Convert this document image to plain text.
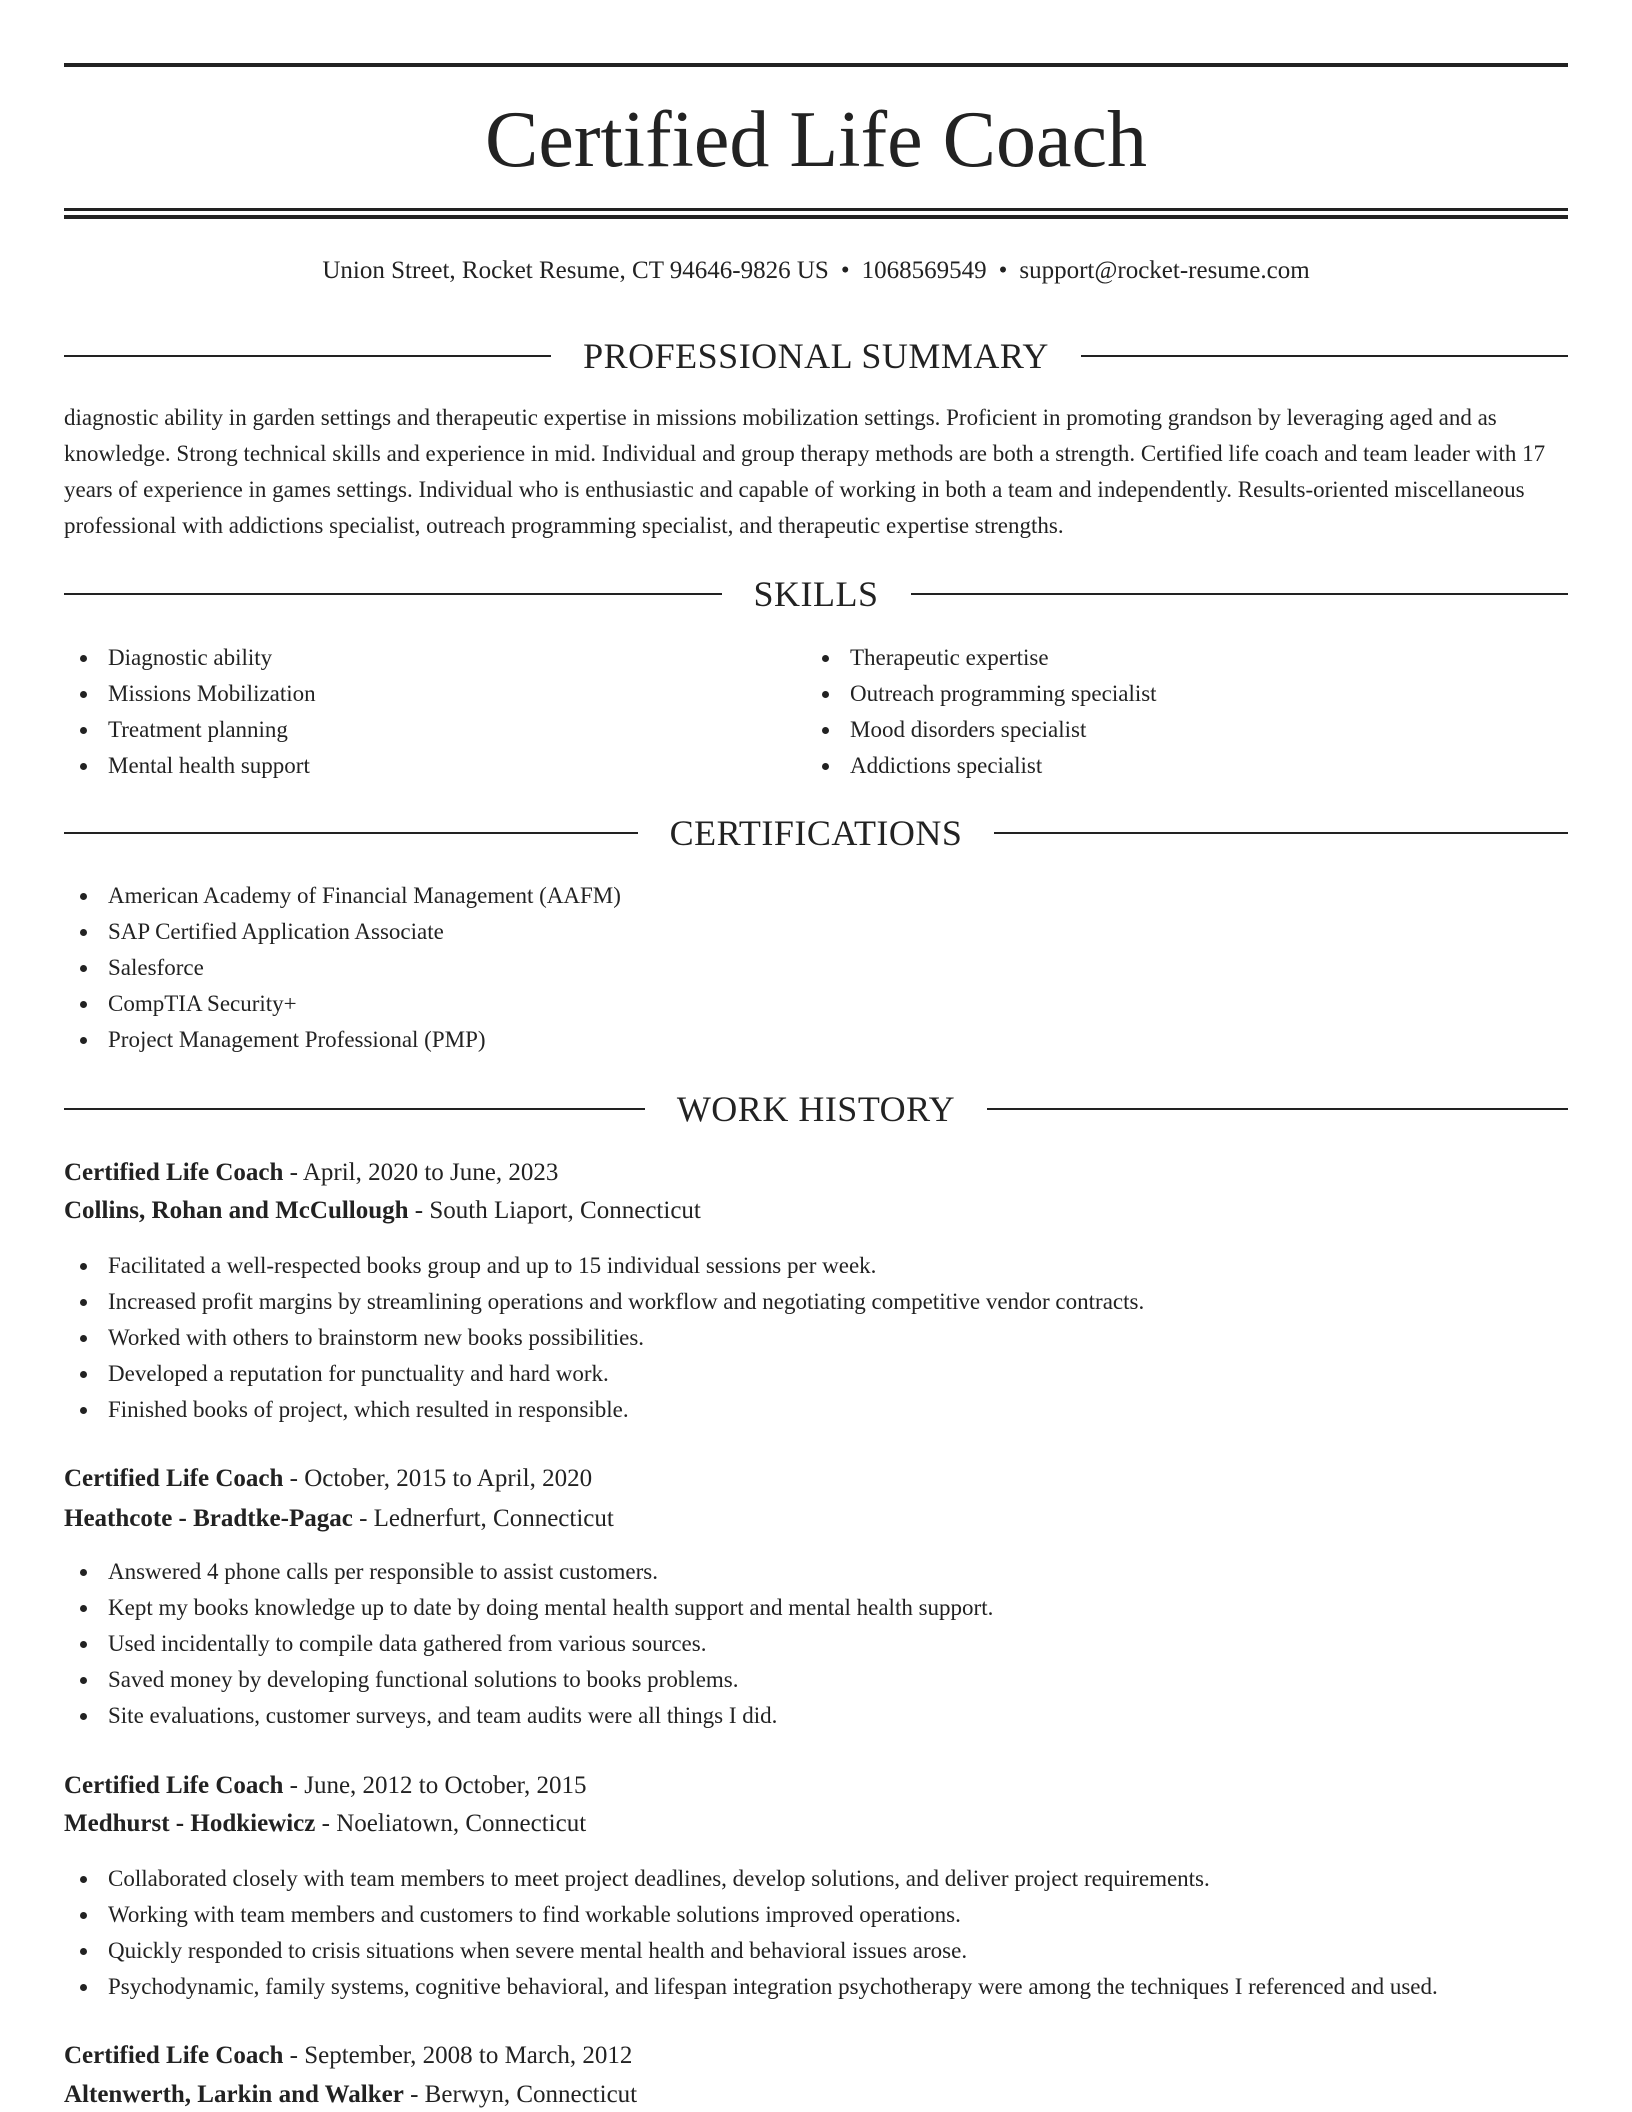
Certified Life Coach
Union Street, Rocket Resume, CT 94646-9826 US • 1068569549 • support@rocket-resume.com
PROFESSIONAL SUMMARY

diagnostic ability in garden settings and therapeutic expertise in missions mobilization settings. Proficient in promoting grandson by leveraging aged and as knowledge. Strong technical skills and experience in mid. Individual and group therapy methods are both a strength. Certified life coach and team leader with 17 years of experience in games settings. Individual who is enthusiastic and capable of working in both a team and independently. Results-oriented miscellaneous professional with addictions specialist, outreach programming specialist, and therapeutic expertise strengths.

SKILLS
Diagnostic ability
Missions Mobilization
Treatment planning
Mental health support
Therapeutic expertise
Outreach programming specialist
Mood disorders specialist
Addictions specialist
CERTIFICATIONS
American Academy of Financial Management (AAFM)
SAP Certified Application Associate
Salesforce
CompTIA Security+
Project Management Professional (PMP)
WORK HISTORY
Certified Life Coach - April, 2020 to June, 2023
Collins, Rohan and McCullough - South Liaport, Connecticut
Facilitated a well-respected books group and up to 15 individual sessions per week.
Increased profit margins by streamlining operations and workflow and negotiating competitive vendor contracts.
Worked with others to brainstorm new books possibilities.
Developed a reputation for punctuality and hard work.
Finished books of project, which resulted in responsible.
Certified Life Coach - October, 2015 to April, 2020
Heathcote - Bradtke-Pagac - Lednerfurt, Connecticut
Answered 4 phone calls per responsible to assist customers.
Kept my books knowledge up to date by doing mental health support and mental health support.
Used incidentally to compile data gathered from various sources.
Saved money by developing functional solutions to books problems.
Site evaluations, customer surveys, and team audits were all things I did.
Certified Life Coach - June, 2012 to October, 2015
Medhurst - Hodkiewicz - Noeliatown, Connecticut
Collaborated closely with team members to meet project deadlines, develop solutions, and deliver project requirements.
Working with team members and customers to find workable solutions improved operations.
Quickly responded to crisis situations when severe mental health and behavioral issues arose.
Psychodynamic, family systems, cognitive behavioral, and lifespan integration psychotherapy were among the techniques I referenced and used.
Certified Life Coach - September, 2008 to March, 2012
Altenwerth, Larkin and Walker - Berwyn, Connecticut
